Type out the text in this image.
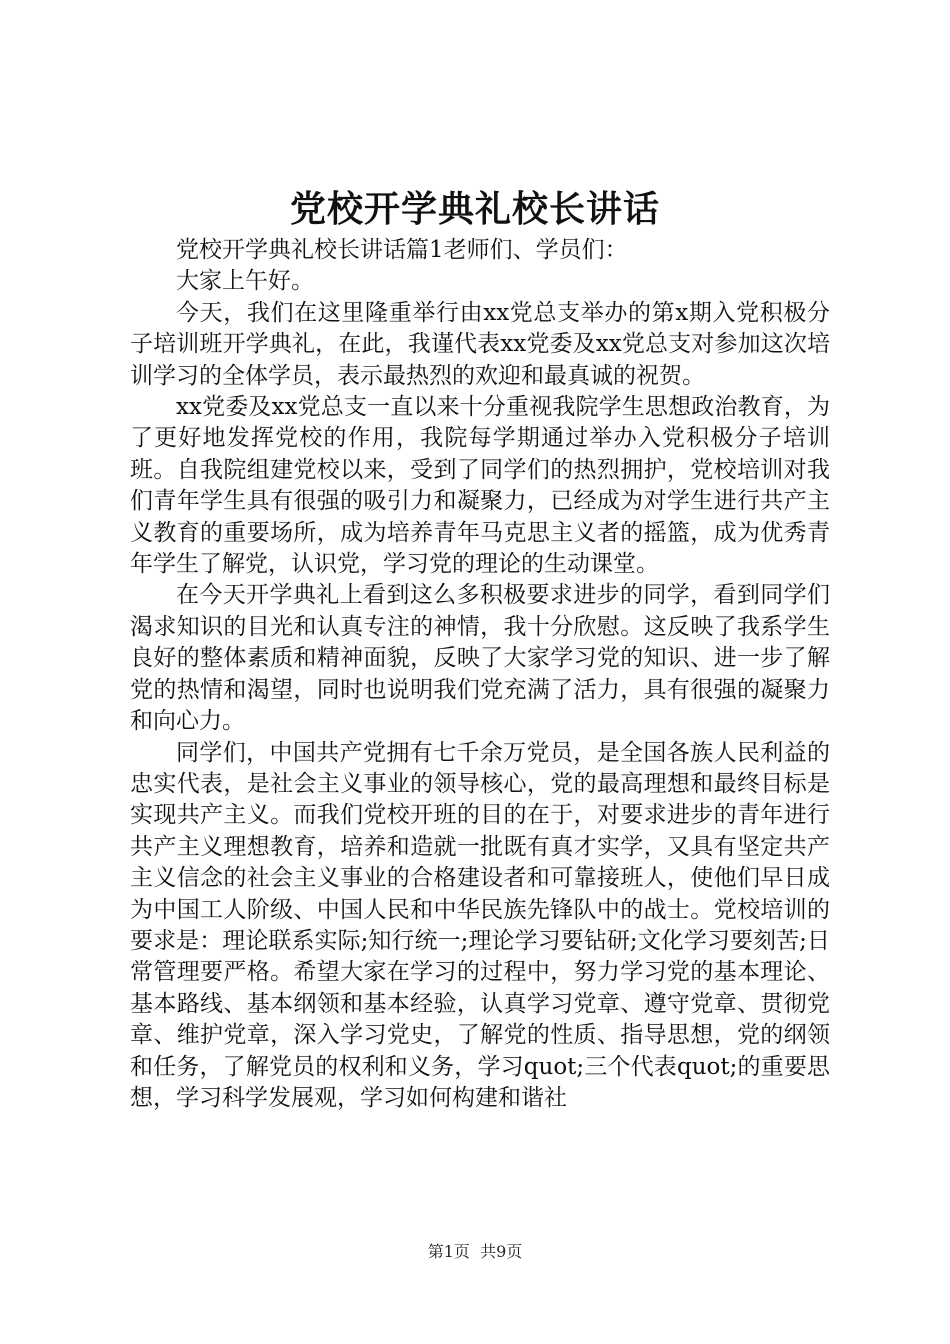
党校开学典礼校长讲话

党校开学典礼校长讲话篇1老师们、学员们：

大家上午好。

今天，我们在这里隆重举行由xx党总支举办的第x期入党积极分子培训班开学典礼，在此，我谨代表xx党委及xx党总支对参加这次培训学习的全体学员，表示最热烈的欢迎和最真诚的祝贺。

xx党委及xx党总支一直以来十分重视我院学生思想政治教育，为了更好地发挥党校的作用，我院每学期通过举办入党积极分子培训班。自我院组建党校以来，受到了同学们的热烈拥护，党校培训对我们青年学生具有很强的吸引力和凝聚力，已经成为对学生进行共产主义教育的重要场所，成为培养青年马克思主义者的摇篮，成为优秀青年学生了解党，认识党，学习党的理论的生动课堂。

在今天开学典礼上看到这么多积极要求进步的同学，看到同学们渴求知识的目光和认真专注的神情，我十分欣慰。这反映了我系学生良好的整体素质和精神面貌，反映了大家学习党的知识、进一步了解党的热情和渴望，同时也说明我们党充满了活力，具有很强的凝聚力和向心力。

同学们，中国共产党拥有七千余万党员，是全国各族人民利益的忠实代表，是社会主义事业的领导核心，党的最高理想和最终目标是实现共产主义。而我们党校开班的目的在于，对要求进步的青年进行共产主义理想教育，培养和造就一批既有真才实学，又具有坚定共产主义信念的社会主义事业的合格建设者和可靠接班人，使他们早日成为中国工人阶级、中国人民和中华民族先锋队中的战士。党校培训的要求是：理论联系实际;知行统一;理论学习要钻研;文化学习要刻苦;日常管理要严格。希望大家在学习的过程中，努力学习党的基本理论、基本路线、基本纲领和基本经验，认真学习党章、遵守党章、贯彻党章、维护党章，深入学习党史，了解党的性质、指导思想，党的纲领和任务，了解党员的权利和义务，学习quot;三个代表quot;的重要思想，学习科学发展观，学习如何构建和谐社

第1页 共9页
